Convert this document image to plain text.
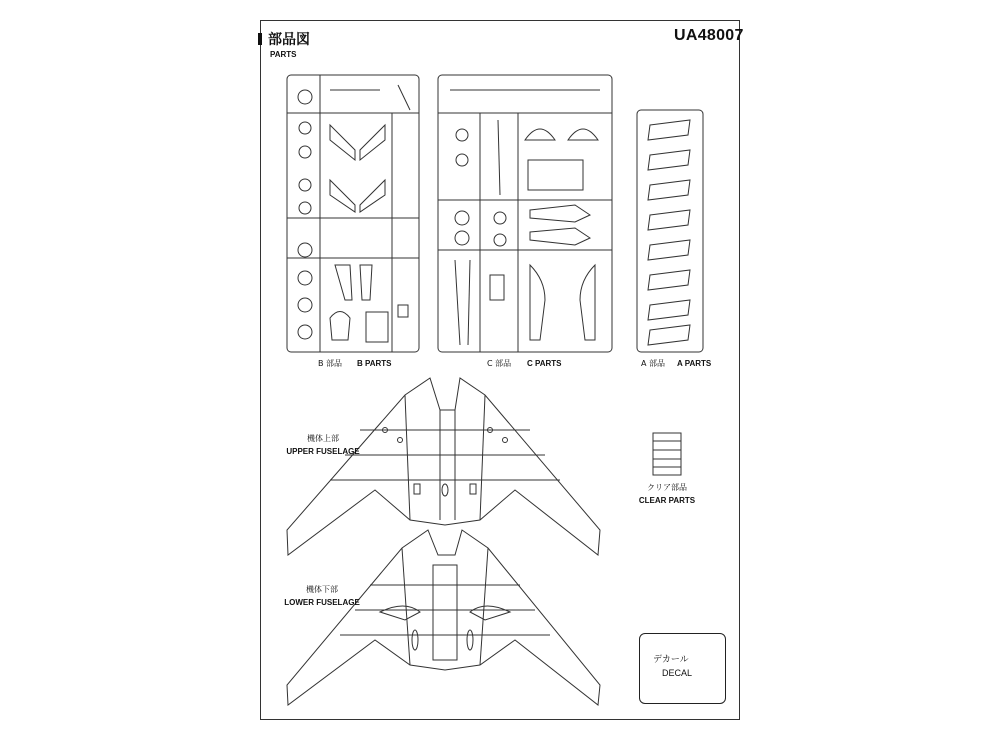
部品図
PARTS
UA48007
B 部品 B PARTS	C 部品 C PARTS	A 部品 A PARTS
機体上部
UPPER FUSELAGE
機体下部
LOWER FUSELAGE
クリア部品
CLEAR PARTS
デカール
DECAL
